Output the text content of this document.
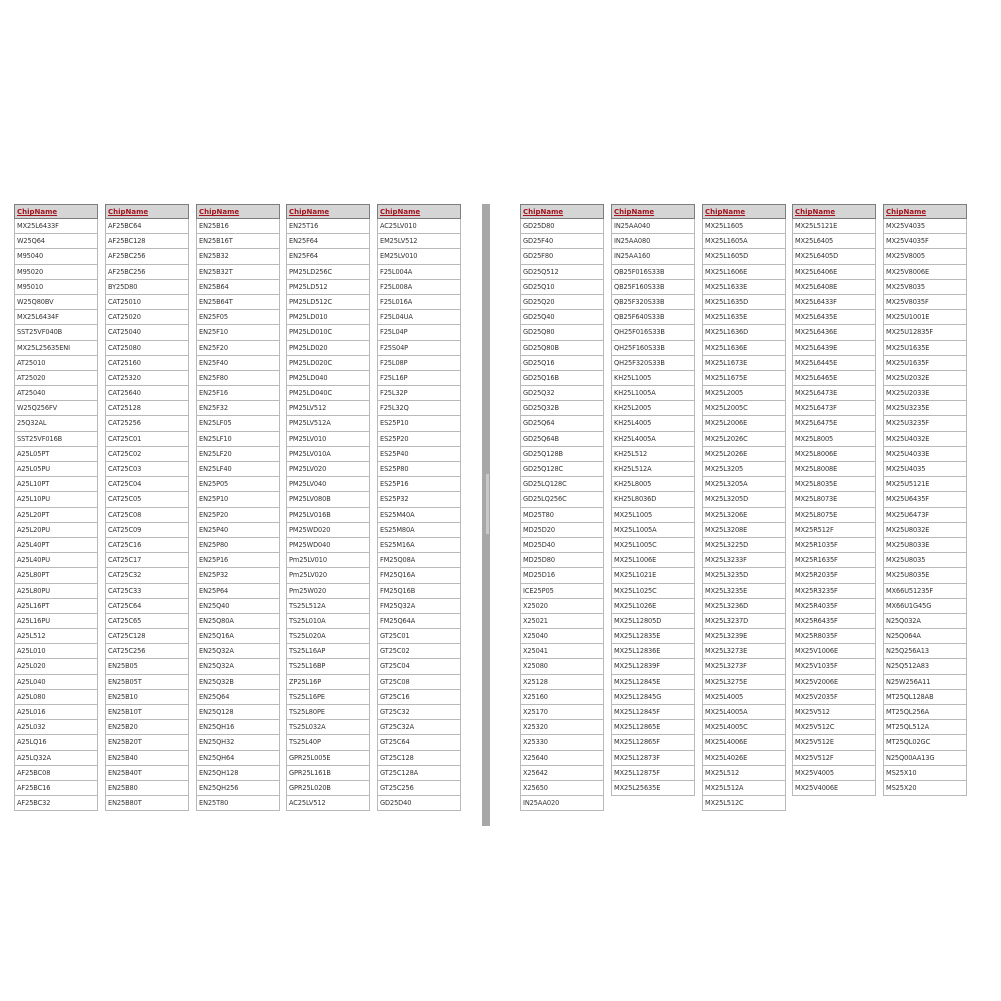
ChipName
MX25L6433F
W25Q64
M95040
M95020
M95010
W25Q80BV
MX25L6434F
SST25VF040B
MX25L25635ENI
AT25010
AT25020
AT25040
W25Q256FV
25Q32AL
SST25VF016B
A25L05PT
A25L05PU
A25L10PT
A25L10PU
A25L20PT
A25L20PU
A25L40PT
A25L40PU
A25L80PT
A25L80PU
A25L16PT
A25L16PU
A25L512
A25L010
A25L020
A25L040
A25L080
A25L016
A25L032
A25LQ16
A25LQ32A
AF25BC08
AF25BC16
AF25BC32
ChipName
AF25BC64
AF25BC128
AF25BC256
AF25BC256
BY25D80
CAT25010
CAT25020
CAT25040
CAT25080
CAT25160
CAT25320
CAT25640
CAT25128
CAT25256
CAT25C01
CAT25C02
CAT25C03
CAT25C04
CAT25C05
CAT25C08
CAT25C09
CAT25C16
CAT25C17
CAT25C32
CAT25C33
CAT25C64
CAT25C65
CAT25C128
CAT25C256
EN25B05
EN25B05T
EN25B10
EN25B10T
EN25B20
EN25B20T
EN25B40
EN25B40T
EN25B80
EN25B80T
ChipName
EN25B16
EN25B16T
EN25B32
EN25B32T
EN25B64
EN25B64T
EN25F05
EN25F10
EN25F20
EN25F40
EN25F80
EN25F16
EN25F32
EN25LF05
EN25LF10
EN25LF20
EN25LF40
EN25P05
EN25P10
EN25P20
EN25P40
EN25P80
EN25P16
EN25P32
EN25P64
EN25Q40
EN25Q80A
EN25Q16A
EN25Q32A
EN25Q32A
EN25Q32B
EN25Q64
EN25Q128
EN25QH16
EN25QH32
EN25QH64
EN25QH128
EN25QH256
EN25T80
ChipName
EN25T16
EN25F64
EN25F64
PM25LD256C
PM25LD512
PM25LD512C
PM25LD010
PM25LD010C
PM25LD020
PM25LD020C
PM25LD040
PM25LD040C
PM25LV512
PM25LV512A
PM25LV010
PM25LV010A
PM25LV020
PM25LV040
PM25LV080B
PM25LV016B
PM25WD020
PM25WD040
Pm25LV010
Pm25LV020
Pm25W020
TS25L512A
TS25L010A
TS25L020A
TS25L16AP
TS25L16BP
ZP25L16P
TS25L16PE
TS25L80PE
TS25L032A
TS25L40P
GPR25L005E
GPR25L161B
GPR25L020B
AC25LV512
ChipName
AC25LV010
EM25LV512
EM25LV010
F25L004A
F25L008A
F25L016A
F25L04UA
F25L04P
F25S04P
F25L08P
F25L16P
F25L32P
F25L32Q
ES25P10
ES25P20
ES25P40
ES25P80
ES25P16
ES25P32
ES25M40A
ES25M80A
ES25M16A
FM25Q08A
FM25Q16A
FM25Q16B
FM25Q32A
FM25Q64A
GT25C01
GT25C02
GT25C04
GT25C08
GT25C16
GT25C32
GT25C32A
GT25C64
GT25C128
GT25C128A
GT25C256
GD25D40
ChipName
GD25D80
GD25F40
GD25F80
GD25Q512
GD25Q10
GD25Q20
GD25Q40
GD25Q80
GD25Q80B
GD25Q16
GD25Q16B
GD25Q32
GD25Q32B
GD25Q64
GD25Q64B
GD25Q128B
GD25Q128C
GD25LQ128C
GD25LQ256C
MD25T80
MD25D20
MD25D40
MD25D80
MD25D16
ICE25P05
X25020
X25021
X25040
X25041
X25080
X25128
X25160
X25170
X25320
X25330
X25640
X25642
X25650
IN25AA020
ChipName
IN25AA040
IN25AA080
IN25AA160
QB25F016S33B
QB25F160S33B
QB25F320S33B
QB25F640S33B
QH25F016S33B
QH25F160S33B
QH25F320S33B
KH25L1005
KH25L1005A
KH25L2005
KH25L4005
KH25L4005A
KH25L512
KH25L512A
KH25L8005
KH25L8036D
MX25L1005
MX25L1005A
MX25L1005C
MX25L1006E
MX25L1021E
MX25L1025C
MX25L1026E
MX25L12805D
MX25L12835E
MX25L12836E
MX25L12839F
MX25L12845E
MX25L12845G
MX25L12845F
MX25L12865E
MX25L12865F
MX25L12873F
MX25L12875F
MX25L25635E
ChipName
MX25L1605
MX25L1605A
MX25L1605D
MX25L1606E
MX25L1633E
MX25L1635D
MX25L1635E
MX25L1636D
MX25L1636E
MX25L1673E
MX25L1675E
MX25L2005
MX25L2005C
MX25L2006E
MX25L2026C
MX25L2026E
MX25L3205
MX25L3205A
MX25L3205D
MX25L3206E
MX25L3208E
MX25L3225D
MX25L3233F
MX25L3235D
MX25L3235E
MX25L3236D
MX25L3237D
MX25L3239E
MX25L3273E
MX25L3273F
MX25L3275E
MX25L4005
MX25L4005A
MX25L4005C
MX25L4006E
MX25L4026E
MX25L512
MX25L512A
MX25L512C
ChipName
MX25L5121E
MX25L6405
MX25L6405D
MX25L6406E
MX25L6408E
MX25L6433F
MX25L6435E
MX25L6436E
MX25L6439E
MX25L6445E
MX25L6465E
MX25L6473E
MX25L6473F
MX25L6475E
MX25L8005
MX25L8006E
MX25L8008E
MX25L8035E
MX25L8073E
MX25L8075E
MX25R512F
MX25R1035F
MX25R1635F
MX25R2035F
MX25R3235F
MX25R4035F
MX25R6435F
MX25R8035F
MX25V1006E
MX25V1035F
MX25V2006E
MX25V2035F
MX25V512
MX25V512C
MX25V512E
MX25V512F
MX25V4005
MX25V4006E
ChipName
MX25V4035
MX25V4035F
MX25V8005
MX25V8006E
MX25V8035
MX25V8035F
MX25U1001E
MX25U12835F
MX25U1635E
MX25U1635F
MX25U2032E
MX25U2033E
MX25U3235E
MX25U3235F
MX25U4032E
MX25U4033E
MX25U4035
MX25U5121E
MX25U6435F
MX25U6473F
MX25U8032E
MX25U8033E
MX25U8035
MX25U8035E
MX66U51235F
MX66U1G45G
N25Q032A
N25Q064A
N25Q256A13
N25Q512A83
N25W256A11
MT25QL128AB
MT25QL256A
MT25QL512A
MT25QL02GC
N25Q00AA13G
MS25X10
MS25X20
